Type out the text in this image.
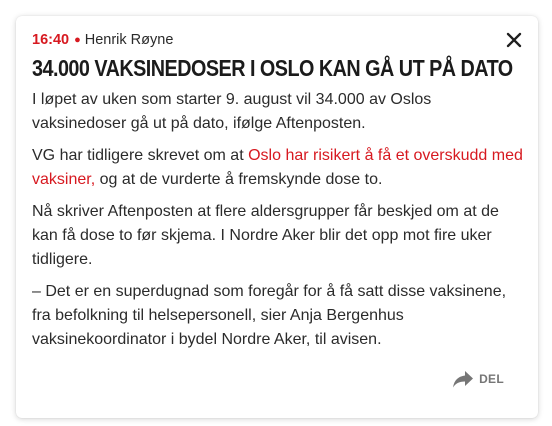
16:40 ● Henrik Røyne
34.000 VAKSINEDOSER I OSLO KAN GÅ UT PÅ DATO

I løpet av uken som starter 9. august vil 34.000 av Oslos vaksinedoser gå ut på dato, ifølge Aftenposten.

VG har tidligere skrevet om at Oslo har risikert å få et overskudd med vaksiner, og at de vurderte å fremskynde dose to.

Nå skriver Aftenposten at flere aldersgrupper får beskjed om at de kan få dose to før skjema. I Nordre Aker blir det opp mot fire uker tidligere.

– Det er en superdugnad som foregår for å få satt disse vaksinene, fra befolkning til helsepersonell, sier Anja Bergenhus vaksinekoordinator i bydel Nordre Aker, til avisen.

DEL
